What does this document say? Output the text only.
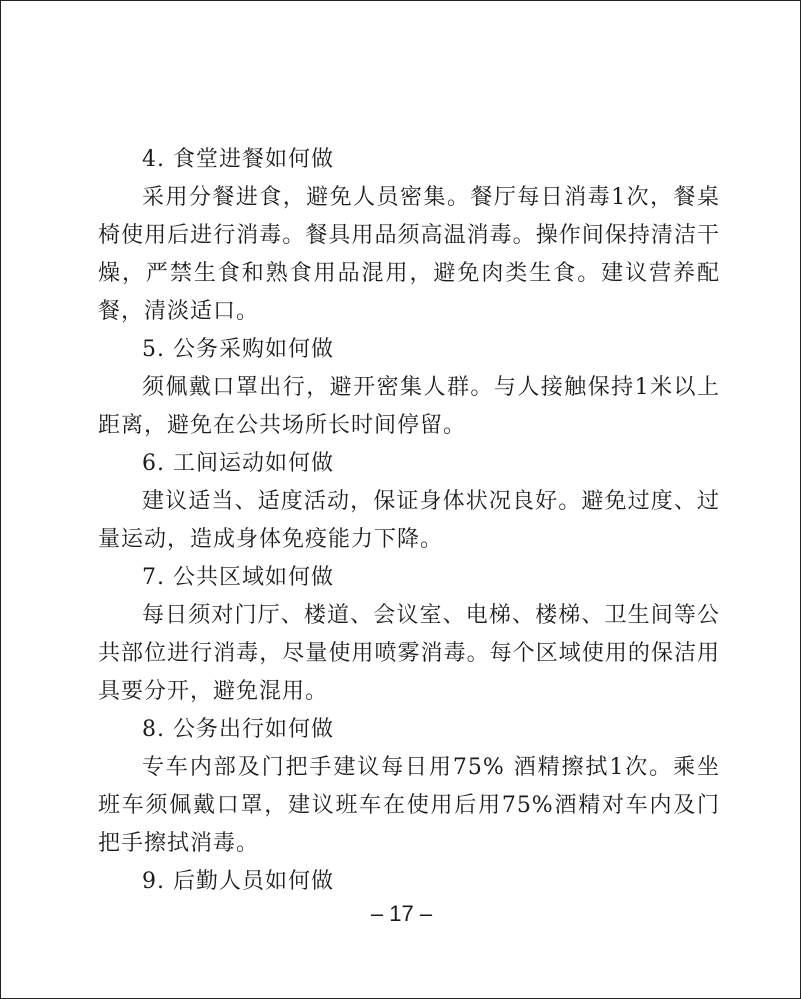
4. 食堂进餐如何做

采用分餐进食，避免人员密集。餐厅每日消毒1次，餐桌椅使用后进行消毒。餐具用品须高温消毒。操作间保持清洁干燥，严禁生食和熟食用品混用，避免肉类生食。建议营养配餐，清淡适口。

5. 公务采购如何做

须佩戴口罩出行，避开密集人群。与人接触保持1米以上距离，避免在公共场所长时间停留。

6. 工间运动如何做

建议适当、适度活动，保证身体状况良好。避免过度、过量运动，造成身体免疫能力下降。

7. 公共区域如何做

每日须对门厅、楼道、会议室、电梯、楼梯、卫生间等公共部位进行消毒，尽量使用喷雾消毒。每个区域使用的保洁用具要分开，避免混用。

8. 公务出行如何做

专车内部及门把手建议每日用75% 酒精擦拭1次。乘坐班车须佩戴口罩，建议班车在使用后用75%酒精对车内及门把手擦拭消毒。

9. 后勤人员如何做

– 17 –
